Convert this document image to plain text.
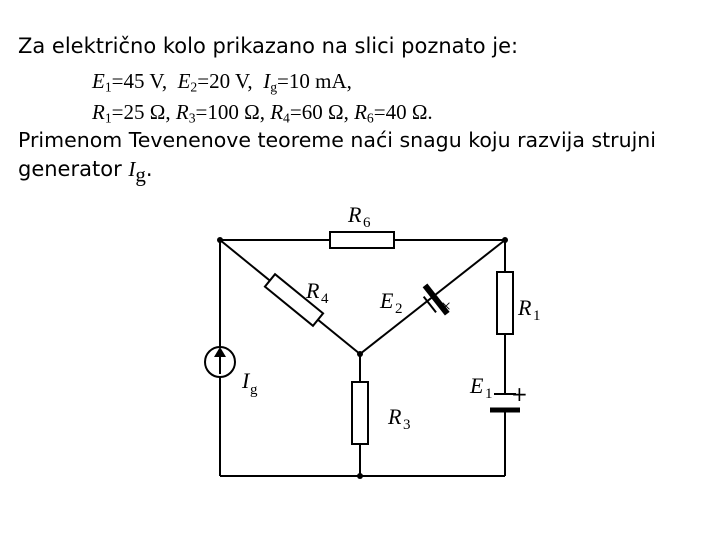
Za električno kolo prikazano na slici poznato je:
$E_1=45$ V, $E_2=20$ V, $I_g=10$ mA,
$R_1=25$ Ω, $R_3=100$ Ω, $R_4=60$ Ω, $R_6=40$ Ω.
Primenom Tevenenove teoreme naći snagu koju razvija strujni
generator $I_g$.
×
+
R 6
R 4 E 2	R 1
I g	E 1
R 3
